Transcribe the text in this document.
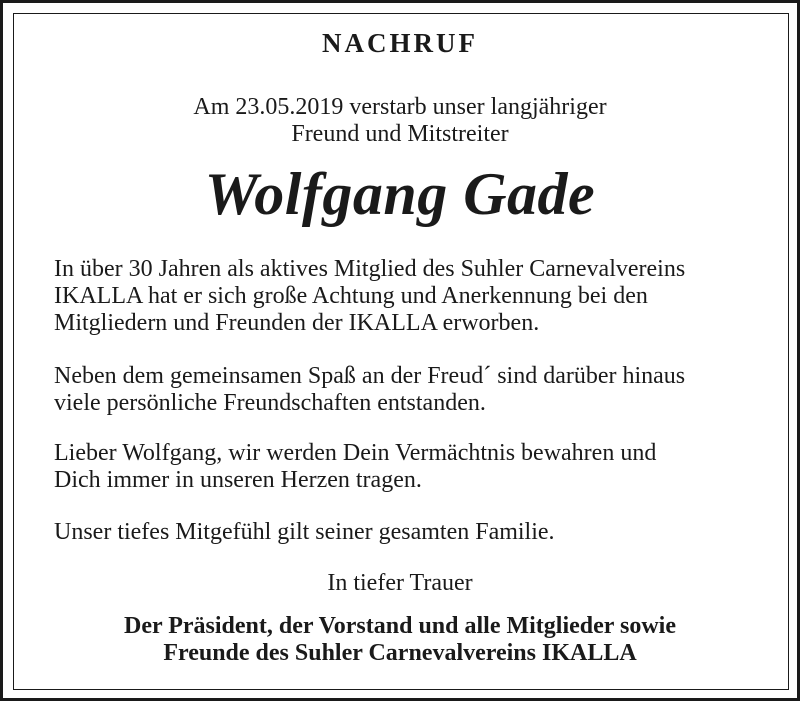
NACHRUF
Am 23.05.2019 verstarb unser langjähriger
Freund und Mitstreiter
Wolfgang Gade
In über 30 Jahren als aktives Mitglied des Suhler Carnevalvereins
IKALLA hat er sich große Achtung und Anerkennung bei den
Mitgliedern und Freunden der IKALLA erworben.
Neben dem gemeinsamen Spaß an der Freud´ sind darüber hinaus
viele persönliche Freundschaften entstanden.
Lieber Wolfgang, wir werden Dein Vermächtnis bewahren und
Dich immer in unseren Herzen tragen.
Unser tiefes Mitgefühl gilt seiner gesamten Familie.
In tiefer Trauer
Der Präsident, der Vorstand und alle Mitglieder sowie
Freunde des Suhler Carnevalvereins IKALLA
